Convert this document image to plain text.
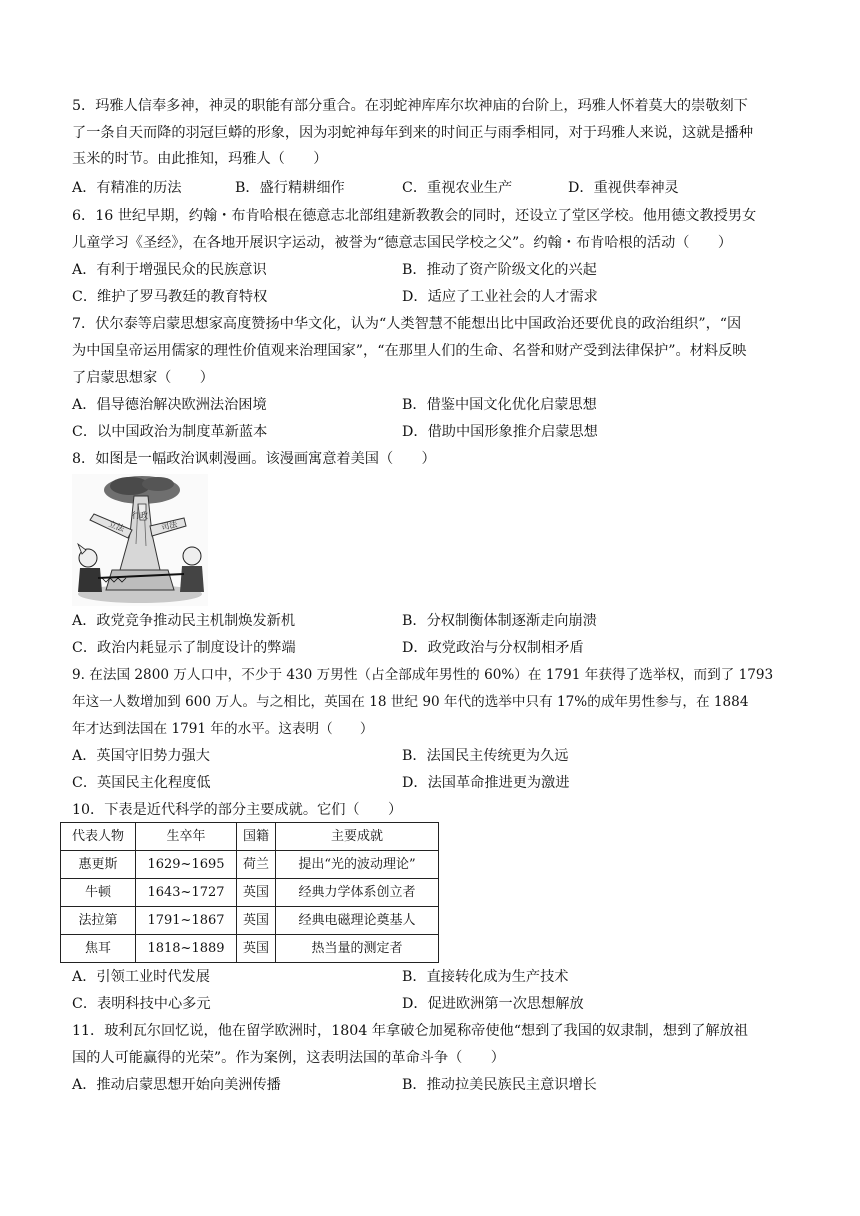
5．玛雅人信奉多神，神灵的职能有部分重合。在羽蛇神库库尔坎神庙的台阶上，玛雅人怀着莫大的崇敬刻下
了一条自天而降的羽冠巨蟒的形象，因为羽蛇神每年到来的时间正与雨季相同，对于玛雅人来说，这就是播种
玉米的时节。由此推知，玛雅人（　　）
A．有精准的历法	B．盛行精耕细作	C．重视农业生产	D．重视供奉神灵
6．16 世纪早期，约翰・布肯哈根在德意志北部组建新教教会的同时，还设立了堂区学校。他用德文教授男女
儿童学习《圣经》，在各地开展识字运动，被誉为“德意志国民学校之父”。约翰・布肯哈根的活动（　　）
A．有利于增强民众的民族意识	B．推动了资产阶级文化的兴起
C．维护了罗马教廷的教育特权	D．适应了工业社会的人才需求
7．伏尔泰等启蒙思想家高度赞扬中华文化，认为“人类智慧不能想出比中国政治还要优良的政治组织”，“因
为中国皇帝运用儒家的理性价值观来治理国家”，“在那里人们的生命、名誉和财产受到法律保护”。材料反映
了启蒙思想家（　　）
A．倡导德治解决欧洲法治困境	B．借鉴中国文化优化启蒙思想
C．以中国政治为制度革新蓝本	D．借助中国形象推介启蒙思想
8．如图是一幅政治讽刺漫画。该漫画寓意着美国（　　）
立法
行政
司法
A．政党竞争推动民主机制焕发新机	B．分权制衡体制逐渐走向崩溃
C．政治内耗显示了制度设计的弊端	D．政党政治与分权制相矛盾
9. 在法国 2800 万人口中，不少于 430 万男性（占全部成年男性的 60%）在 1791 年获得了选举权，而到了 1793
年这一人数增加到 600 万人。与之相比，英国在 18 世纪 90 年代的选举中只有 17%的成年男性参与，在 1884
年才达到法国在 1791 年的水平。这表明（　　）
A．英国守旧势力强大	B．法国民主传统更为久远
C．英国民主化程度低	D．法国革命推进更为激进
10．下表是近代科学的部分主要成就。它们（　　）
代表人物	生卒年	国籍	主要成就
惠更斯	1629~1695	荷兰	提出“光的波动理论”
牛顿	1643~1727	英国	经典力学体系创立者
法拉第	1791~1867	英国	经典电磁理论奠基人
焦耳	1818~1889	英国	热当量的测定者
A．引领工业时代发展	B．直接转化成为生产技术
C．表明科技中心多元	D．促进欧洲第一次思想解放
11．玻利瓦尔回忆说，他在留学欧洲时，1804 年拿破仑加冕称帝使他“想到了我国的奴隶制，想到了解放祖
国的人可能赢得的光荣”。作为案例，这表明法国的革命斗争（　　）
A．推动启蒙思想开始向美洲传播	B．推动拉美民族民主意识增长
